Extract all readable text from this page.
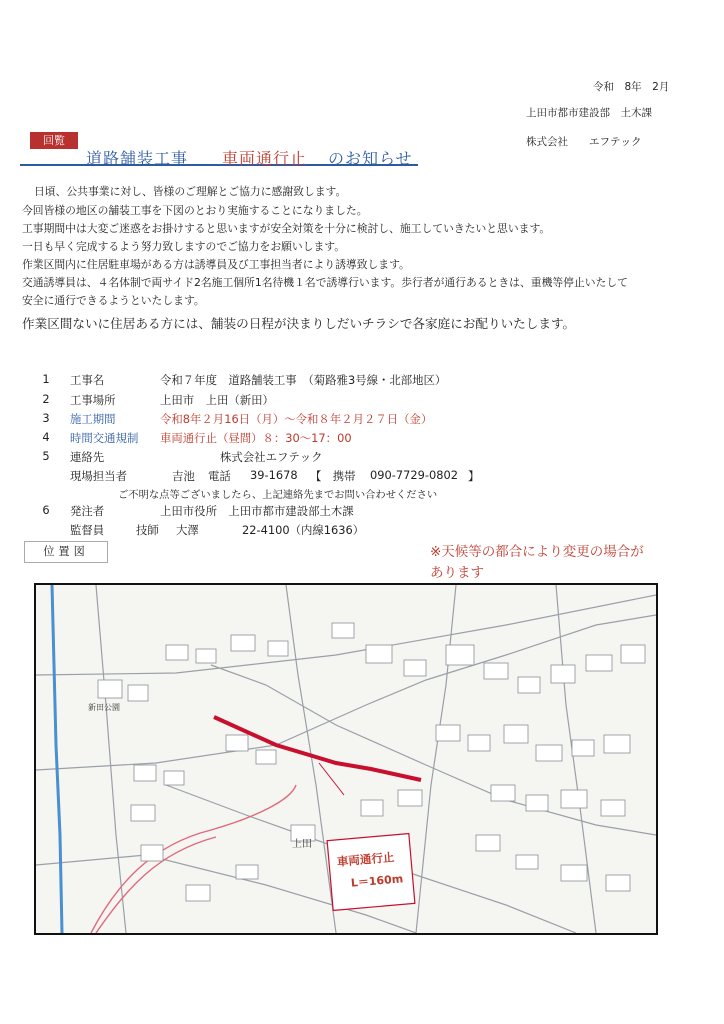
令和　8年　2月
上田市都市建設部　土木課
株式会社　　エフテック
回覧
道路舗装工事 車両通行止 のお知らせ
日頃、公共事業に対し、皆様のご理解とご協力に感謝致します。
今回皆様の地区の舗装工事を下図のとおり実施することになりました。
工事期間中は大変ご迷惑をお掛けすると思いますが安全対策を十分に検討し、施工していきたいと思います。
一日も早く完成するよう努力致しますのでご協力をお願いします。
作業区間内に住居駐車場がある方は誘導員及び工事担当者により誘導致します。
交通誘導員は、４名体制で両サイド2名施工個所1名待機１名で誘導行います。歩行者が通行あるときは、重機等停止いたして
安全に通行できるようといたします。
作業区間ないに住居ある方には、舗装の日程が決まりしだいチラシで各家庭にお配りいたします。
1 工事名	令和７年度　道路舗装工事　（菊路雅3号線・北部地区）
2 工事場所	上田市　上田（新田）
3 施工期間	令和8年２月16日（月）～令和８年２月２７日（金）
4 時間交通規制 車両通行止（昼間）８：30～17：00
5 連絡先	株式会社エフテック
現場担当者	吉池 電話 39-1678 【　携帯 090-7729-0802 】
ご不明な点等ございましたら、上記連絡先までお問い合わせください
6 発注者	上田市役所　上田市都市建設部土木課
監督員	技師 大澤	22-4100（内線1636）
位置図	※天候等の都合により変更の場合があります
新田公園
上田
車両通行止
L＝160m
